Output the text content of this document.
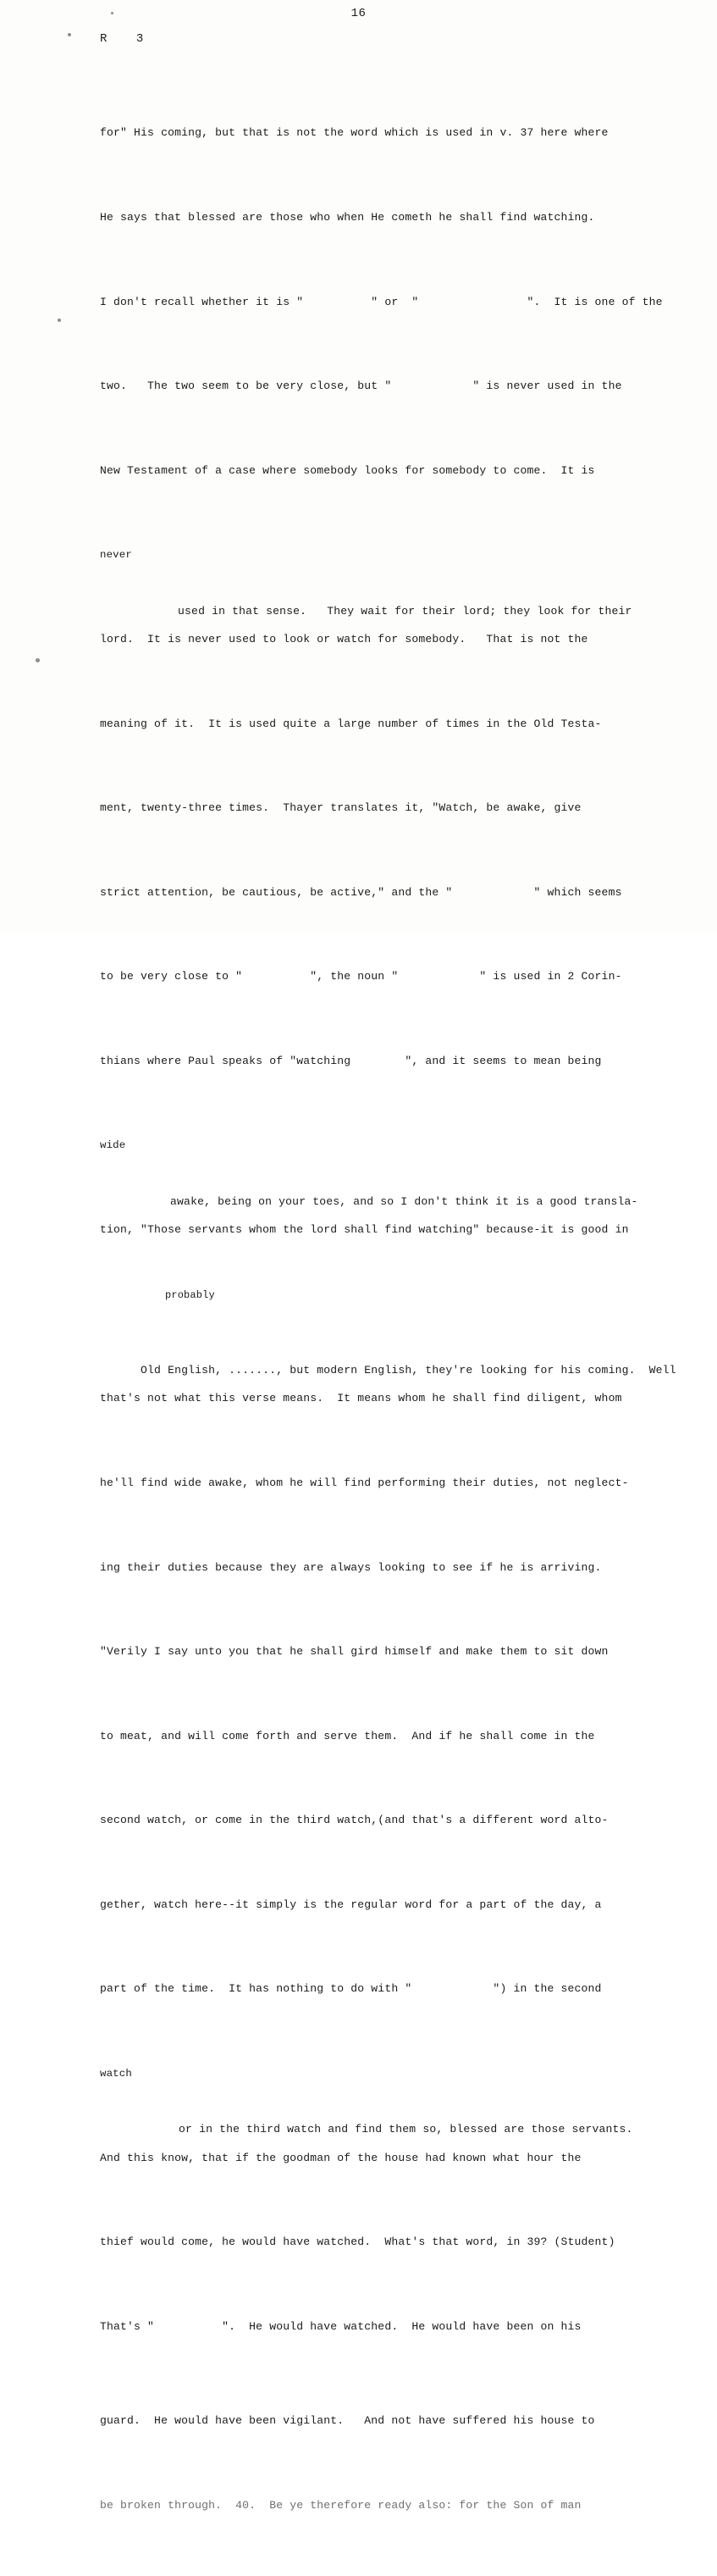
16
R 3

for" His coming, but that is not the word which is used in v. 37 here where

He says that blessed are those who when He cometh he shall find watching.

I don't recall whether it is "          " or  "                ".  It is one of the

two.   The two seem to be very close, but "            " is never used in the

New Testament of a case where somebody looks for somebody to come.  It is

never

used in that sense.   They wait for their lord; they look for their

lord.  It is never used to look or watch for somebody.   That is not the

meaning of it.  It is used quite a large number of times in the Old Testa-

ment, twenty-three times.  Thayer translates it, "Watch, be awake, give

strict attention, be cautious, be active," and the "            " which seems

to be very close to "          ", the noun "            " is used in 2 Corin-

thians where Paul speaks of "watching        ", and it seems to mean being

wide

awake, being on your toes, and so I don't think it is a good transla-

tion, "Those servants whom the lord shall find watching" because-it is good in

probably

Old English, ......., but modern English, they're looking for his coming.  Well

that's not what this verse means.  It means whom he shall find diligent, whom

he'll find wide awake, whom he will find performing their duties, not neglect-

ing their duties because they are always looking to see if he is arriving.

"Verily I say unto you that he shall gird himself and make them to sit down

to meat, and will come forth and serve them.  And if he shall come in the

second watch, or come in the third watch,(and that's a different word alto-

gether, watch here--it simply is the regular word for a part of the day, a

part of the time.  It has nothing to do with "            ") in the second

watch

or in the third watch and find them so, blessed are those servants.

And this know, that if the goodman of the house had known what hour the

thief would come, he would have watched.  What's that word, in 39? (Student)

That's "          ".  He would have watched.  He would have been on his

guard.  He would have been vigilant.   And not have suffered his house to

be broken through.  40.  Be ye therefore ready also: for the Son of man
